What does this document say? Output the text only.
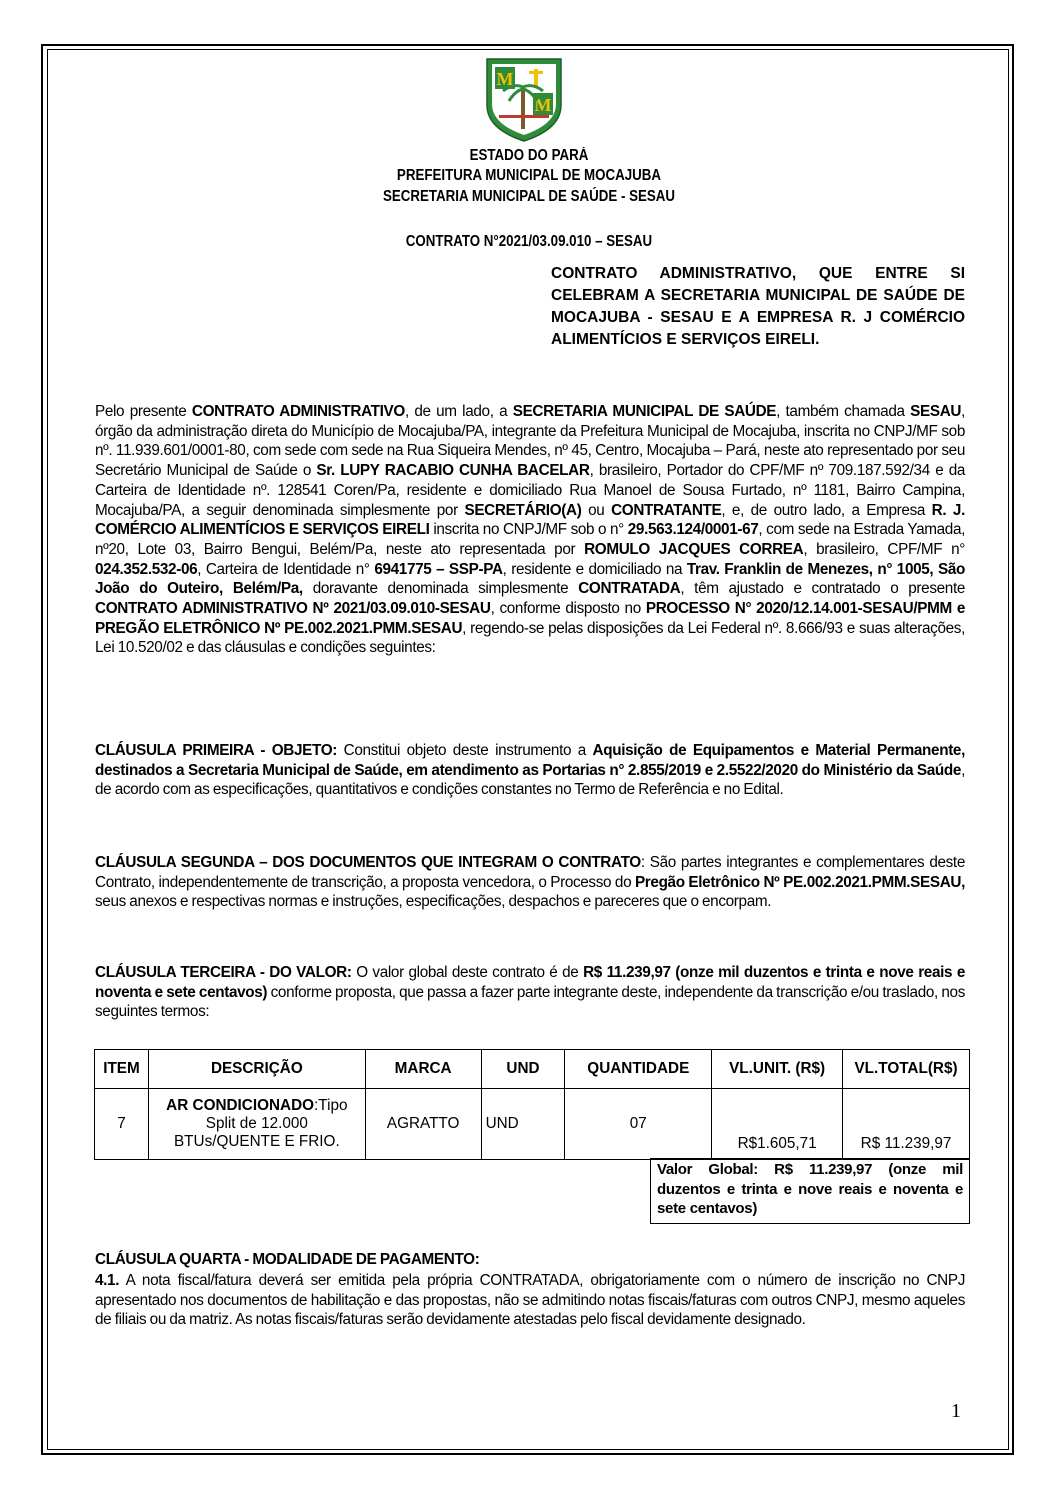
M
M
ESTADO DO PARÁ
PREFEITURA MUNICIPAL DE MOCAJUBA
SECRETARIA MUNICIPAL DE SAÚDE - SESAU
CONTRATO N°2021/03.09.010 – SESAU
CONTRATO ADMINISTRATIVO, QUE ENTRE SI CELEBRAM A SECRETARIA MUNICIPAL DE SAÚDE DE MOCAJUBA - SESAU E A EMPRESA R. J COMÉRCIO ALIMENTÍCIOS E SERVIÇOS EIRELI.
Pelo presente CONTRATO ADMINISTRATIVO, de um lado, a SECRETARIA MUNICIPAL DE SAÚDE, também chamada SESAU, órgão da administração direta do Município de Mocajuba/PA, integrante da Prefeitura Municipal de Mocajuba, inscrita no CNPJ/MF sob nº. 11.939.601/0001-80, com sede com sede na Rua Siqueira Mendes, nº 45, Centro, Mocajuba – Pará, neste ato representado por seu Secretário Municipal de Saúde o Sr. LUPY RACABIO CUNHA BACELAR, brasileiro, Portador do CPF/MF nº 709.187.592/34 e da Carteira de Identidade nº. 128541 Coren/Pa, residente e domiciliado Rua Manoel de Sousa Furtado, nº 1181, Bairro Campina, Mocajuba/PA, a seguir denominada simplesmente por SECRETÁRIO(A) ou CONTRATANTE, e, de outro lado, a Empresa R. J. COMÉRCIO ALIMENTÍCIOS E SERVIÇOS EIRELI inscrita no CNPJ/MF sob o n° 29.563.124/0001-67, com sede na Estrada Yamada, nº20, Lote 03, Bairro Bengui, Belém/Pa, neste ato representada por ROMULO JACQUES CORREA, brasileiro, CPF/MF n° 024.352.532-06, Carteira de Identidade n° 6941775 – SSP-PA, residente e domiciliado na Trav. Franklin de Menezes, n° 1005, São João do Outeiro, Belém/Pa, doravante denominada simplesmente CONTRATADA, têm ajustado e contratado o presente CONTRATO ADMINISTRATIVO Nº 2021/03.09.010-SESAU, conforme disposto no PROCESSO N° 2020/12.14.001-SESAU/PMM e PREGÃO ELETRÔNICO Nº PE.002.2021.PMM.SESAU, regendo-se pelas disposições da Lei Federal nº. 8.666/93 e suas alterações, Lei 10.520/02 e das cláusulas e condições seguintes:
CLÁUSULA PRIMEIRA - OBJETO: Constitui objeto deste instrumento a Aquisição de Equipamentos e Material Permanente, destinados a Secretaria Municipal de Saúde, em atendimento as Portarias n° 2.855/2019 e 2.5522/2020 do Ministério da Saúde, de acordo com as especificações, quantitativos e condições constantes no Termo de Referência e no Edital.
CLÁUSULA SEGUNDA – DOS DOCUMENTOS QUE INTEGRAM O CONTRATO: São partes integrantes e complementares deste Contrato, independentemente de transcrição, a proposta vencedora, o Processo do Pregão Eletrônico Nº PE.002.2021.PMM.SESAU, seus anexos e respectivas normas e instruções, especificações, despachos e pareceres que o encorpam.
CLÁUSULA TERCEIRA - DO VALOR: O valor global deste contrato é de R$ 11.239,97 (onze mil duzentos e trinta e nove reais e noventa e sete centavos) conforme proposta, que passa a fazer parte integrante deste, independente da transcrição e/ou traslado, nos seguintes termos:
ITEM	DESCRIÇÃO	MARCA	UND	QUANTIDADE	VL.UNIT. (R$)	VL.TOTAL(R$)
7	AR CONDICIONADO:Tipo Split de 12.000 BTUs/QUENTE E FRIO.	AGRATTO	UND	07	R$1.605,71	R$ 11.239,97
Valor Global: R$ 11.239,97 (onze mil duzentos e trinta e nove reais e noventa e sete centavos)
CLÁUSULA QUARTA - MODALIDADE DE PAGAMENTO:
4.1. A nota fiscal/fatura deverá ser emitida pela própria CONTRATADA, obrigatoriamente com o número de inscrição no CNPJ apresentado nos documentos de habilitação e das propostas, não se admitindo notas fiscais/faturas com outros CNPJ, mesmo aqueles de filiais ou da matriz. As notas fiscais/faturas serão devidamente atestadas pelo fiscal devidamente designado.
1
